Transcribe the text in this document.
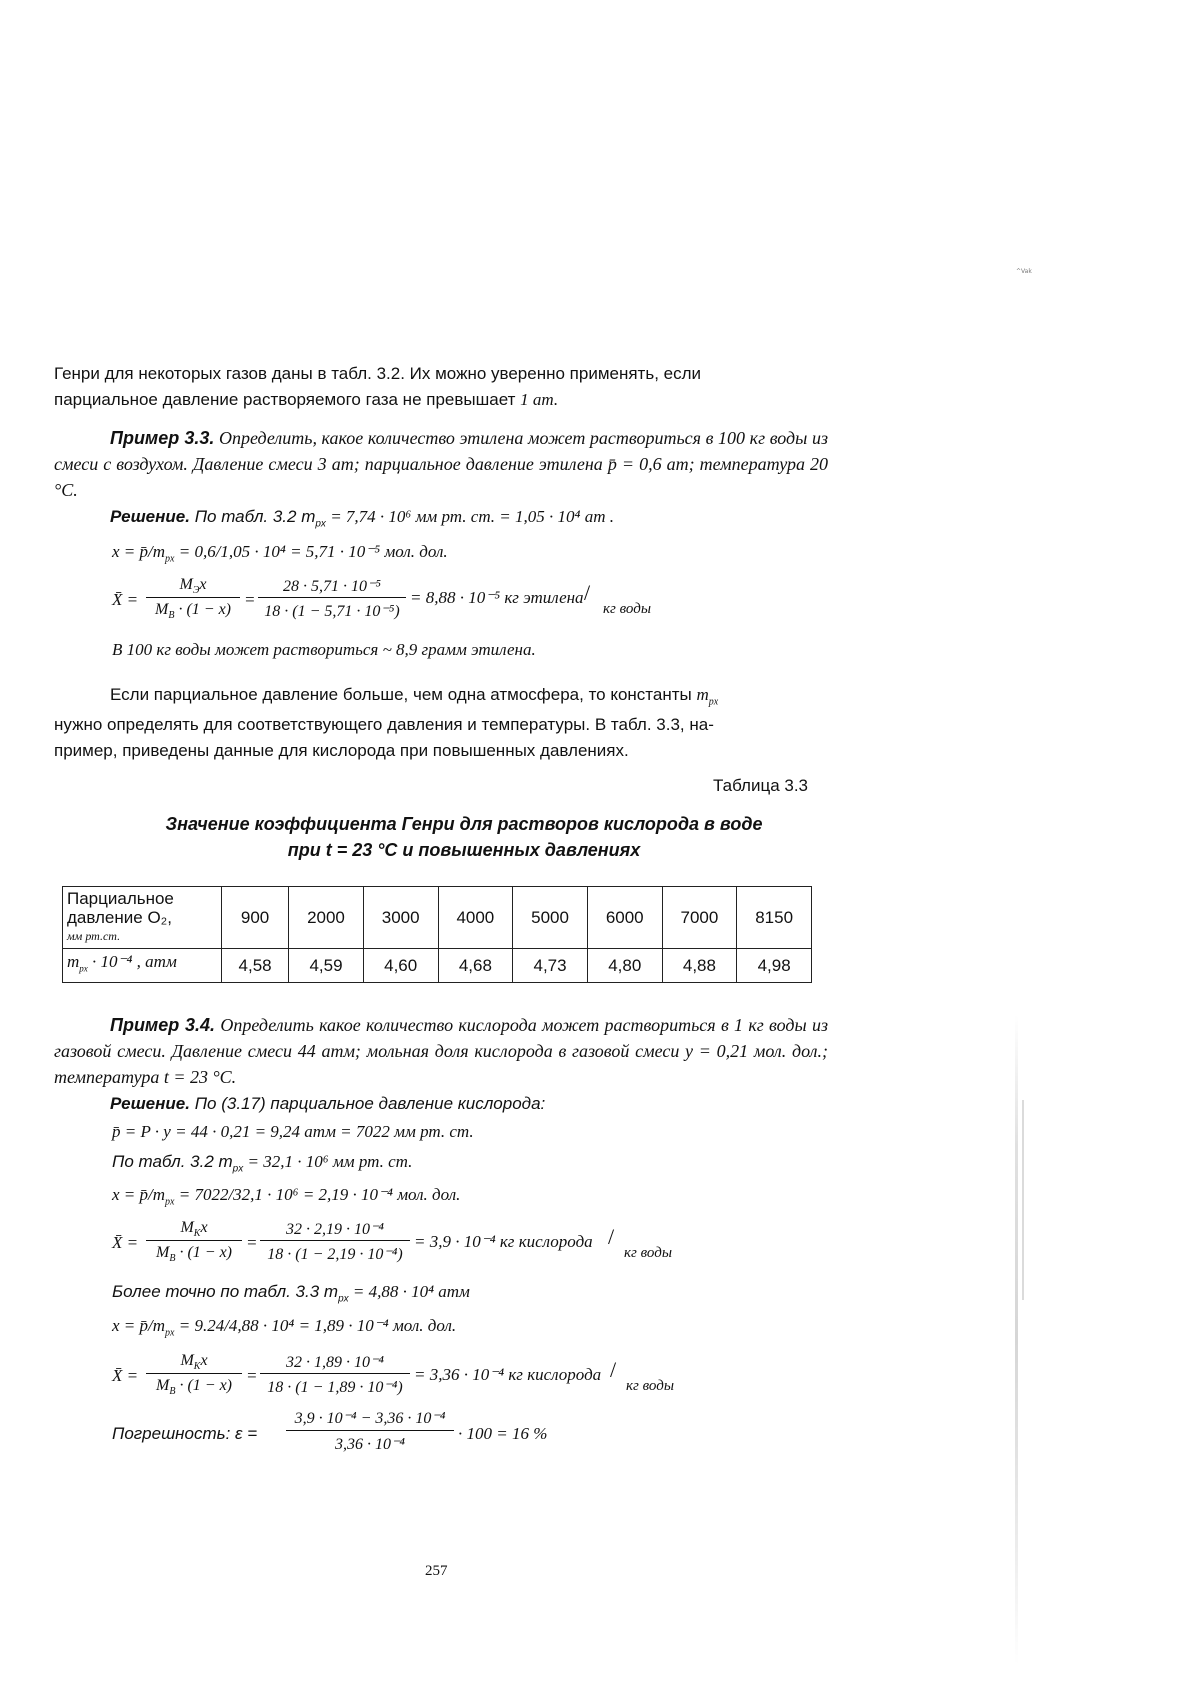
^Vak

Генри для некоторых газов даны в табл. 3.2. Их можно уверенно применять, если

парциальное давление растворяемого газа не превышает 1 ат.

Пример 3.3. Определить, какое количество этилена может раствориться в 100 кг воды из смеси с воздухом. Давление смеси 3 ат; парциальное давление этилена p̄ = 0,6 ат; температура 20 °С.

Решение. По табл. 3.2 $m_{px} = 7,74 \cdot 10^6$ мм рт. ст. = 1,05 · 10⁴ ат .
$x = p̄/m_{px} = 0,6/1,05 \cdot 10^4 = 5,71 \cdot 10^{-5}$ мол. дол.
X̄ =
$M_Эx$
$M_В \cdot (1 - x)$
=
28 · 5,71 · 10⁻⁵
18 · (1 − 5,71 · 10⁻⁵)
= 8,88 · 10⁻⁵ кг этилена /
кг воды
В 100 кг воды может раствориться ~ 8,9 грамм этилена.

Если парциальное давление больше, чем одна атмосфера, то константы $m_{px}$

нужно определять для соответствующего давления и температуры. В табл. 3.3, на-

пример, приведены данные для кислорода при повышенных давлениях.

Таблица 3.3
Значение коэффициента Генри для растворов кислорода в воде
при t = 23 °С и повышенных давлениях
Парциальное
давление O₂,
мм рт.ст.	900	2000	3000	4000	5000	6000	7000	8150
$m_{px} \cdot 10^{-4}$ , атм	4,58	4,59	4,60	4,68	4,73	4,80	4,88	4,98

Пример 3.4. Определить какое количество кислорода может раствориться в 1 кг воды из газовой смеси. Давление смеси 44 атм; мольная доля кислорода в газовой смеси y = 0,21 мол. дол.; температура t = 23 °С.

Решение. По (3.17) парциальное давление кислорода:
p̄ = P · y = 44 · 0,21 = 9,24 атм = 7022 мм рт. ст.
По табл. 3.2 $m_{px} = 32,1 \cdot 10^6$ мм рт. ст.
$x = p̄/m_{px} = 7022/32,1 \cdot 10^6 = 2,19 \cdot 10^{-4}$ мол. дол.
X̄ =
$M_Kx$
$M_B \cdot (1 - x)$
=
32 · 2,19 · 10⁻⁴
18 · (1 − 2,19 · 10⁻⁴)
= 3,9 · 10⁻⁴ кг кислорода /
кг воды
Более точно по табл. 3.3 $m_{px} = 4,88 \cdot 10^4$ атм
$x = p̄/m_{px} = 9.24/4,88 \cdot 10^4 = 1,89 \cdot 10^{-4}$ мол. дол.
X̄ =
$M_Kx$
$M_B \cdot (1 - x)$
=
32 · 1,89 · 10⁻⁴
18 · (1 − 1,89 · 10⁻⁴)
= 3,36 · 10⁻⁴ кг кислорода /
кг воды
Погрешность: ε =
3,9 · 10⁻⁴ − 3,36 · 10⁻⁴
3,36 · 10⁻⁴
· 100 = 16 %
257
